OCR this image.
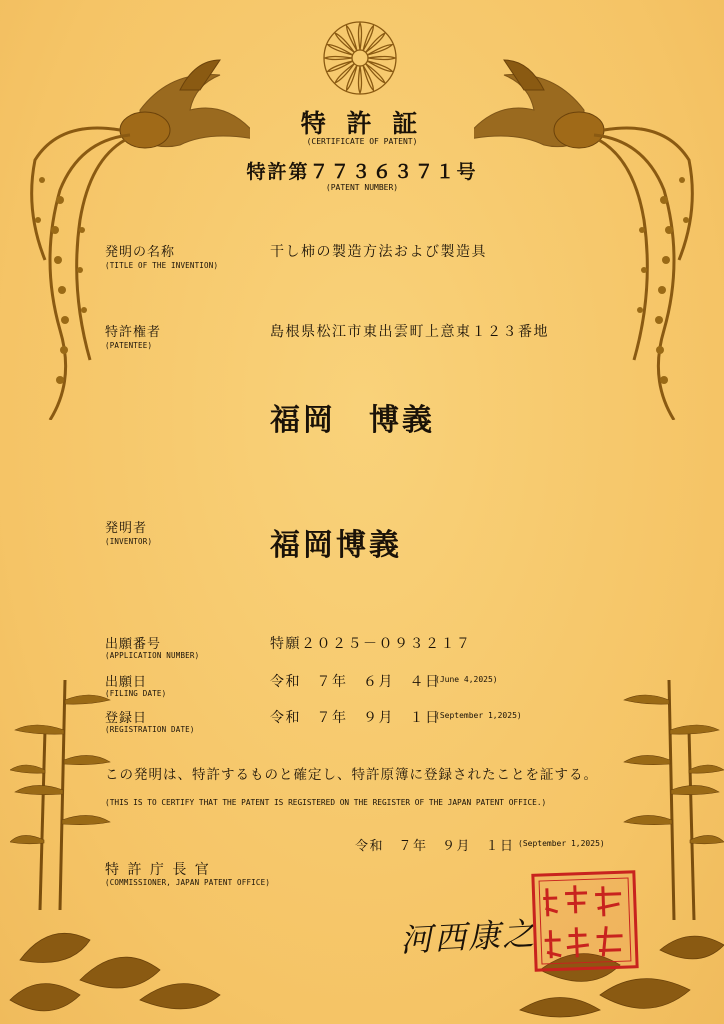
特 許 証
(CERTIFICATE OF PATENT)
特許第７７３６３７１号
(PATENT NUMBER)
発明の名称
(TITLE OF THE INVENTION)
干し柿の製造方法および製造具
特許権者
(PATENTEE)
島根県松江市東出雲町上意東１２３番地
福岡　博義
発明者
(INVENTOR)	福岡博義
出願番号
(APPLICATION NUMBER)
特願２０２５－０９３２１７
出願日
(FILING DATE)
令和　７年　６月　４日
(June 4,2025)
登録日
(REGISTRATION DATE)
令和　７年　９月　１日
(September 1,2025)
この発明は、特許するものと確定し、特許原簿に登録されたことを証する。
(THIS IS TO CERTIFY THAT THE PATENT IS REGISTERED ON THE REGISTER OF THE JAPAN PATENT OFFICE.)
令和　７年　９月　１日 (September 1,2025)
特 許 庁 長 官
(COMMISSIONER, JAPAN PATENT OFFICE)
河西康之
